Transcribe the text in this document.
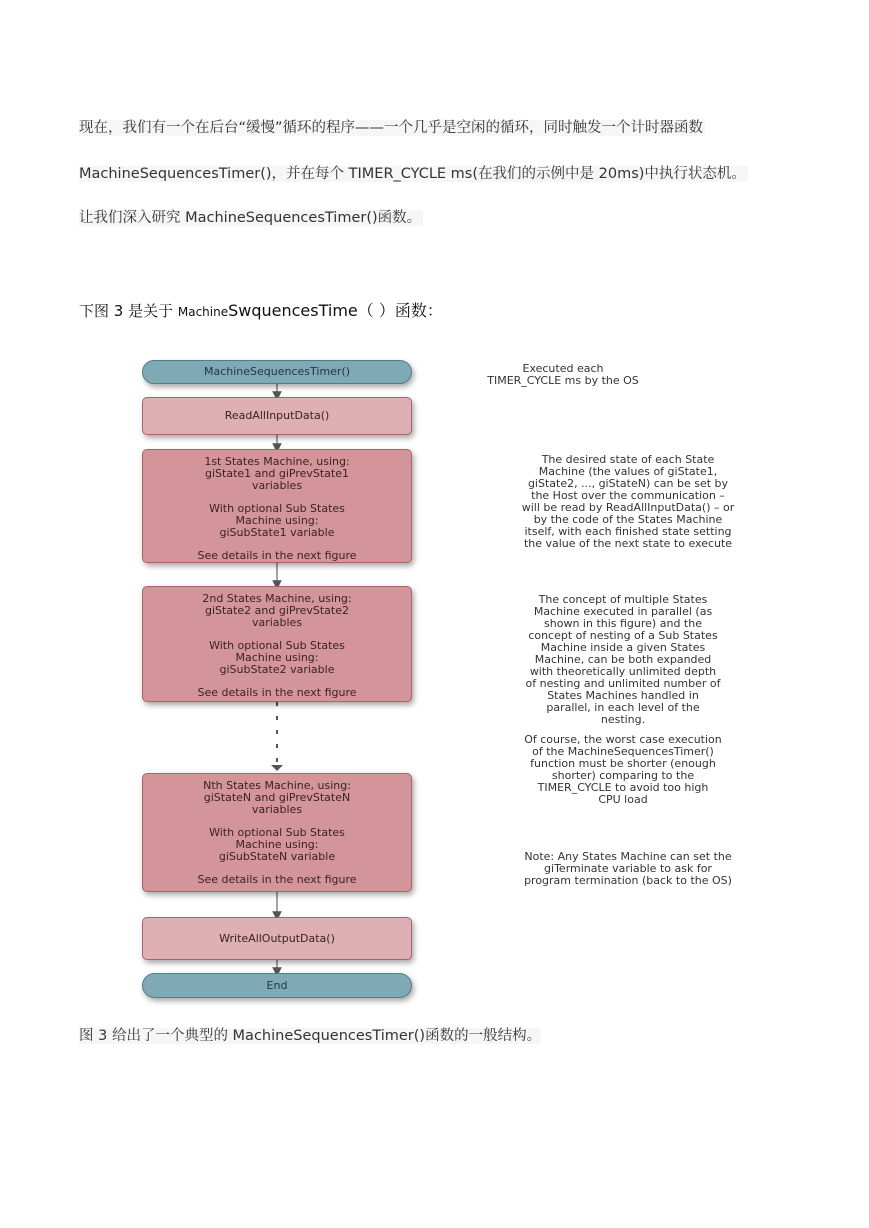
现在，我们有一个在后台“缓慢”循环的程序——一个几乎是空闲的循环，同时触发一个计时器函数
MachineSequencesTimer()，并在每个 TIMER_CYCLE ms(在我们的示例中是 20ms)中执行状态机。
让我们深入研究 MachineSequencesTimer()函数。
下图 3 是关于 MachineSwquencesTime（ ）函数：
MachineSequencesTimer()
ReadAllInputData()
1st States Machine, using:
giState1 and giPrevState1
variables
With optional Sub States
Machine using:
giSubState1 variable
See details in the next figure
2nd States Machine, using:
giState2 and giPrevState2
variables
With optional Sub States
Machine using:
giSubState2 variable
See details in the next figure
Nth States Machine, using:
giStateN and giPrevStateN
variables
With optional Sub States
Machine using:
giSubStateN variable
See details in the next figure
WriteAllOutputData()
End
Executed each
TIMER_CYCLE ms by the OS
The desired state of each State
Machine (the values of giState1,
giState2, ..., giStateN) can be set by
the Host over the communication –
will be read by ReadAllInputData() – or
by the code of the States Machine
itself, with each finished state setting
the value of the next state to execute
The concept of multiple States
Machine executed in parallel (as
shown in this figure) and the
concept of nesting of a Sub States
Machine inside a given States
Machine, can be both expanded
with theoretically unlimited depth
of nesting and unlimited number of
States Machines handled in
parallel, in each level of the
nesting.
Of course, the worst case execution
of the MachineSequencesTimer()
function must be shorter (enough
shorter) comparing to the
TIMER_CYCLE to avoid too high
CPU load
Note: Any States Machine can set the
giTerminate variable to ask for
program termination (back to the OS)
图 3 给出了一个典型的 MachineSequencesTimer()函数的一般结构。
